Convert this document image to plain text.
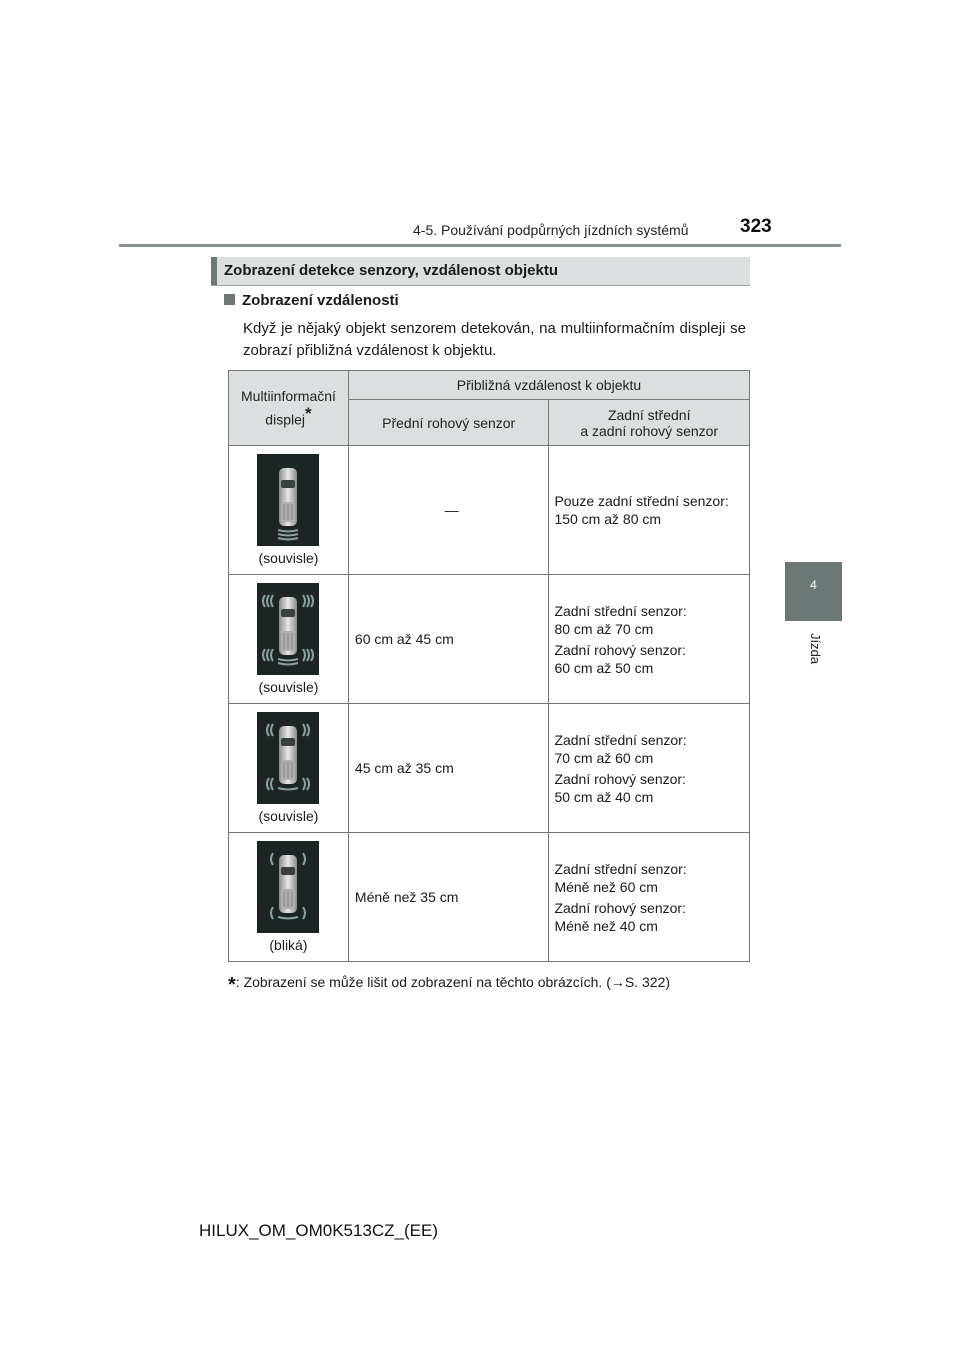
4-5. Používání podpůrných jízdních systémů	323
4
Jízda
Zobrazení detekce senzory, vzdálenost objektu
Zobrazení vzdálenosti
Když je nějaký objekt senzorem detekován, na multiinformačním displeji se zobrazí přibližná vzdálenost k objektu.
Multiinformační
displej*	Přibližná vzdálenost k objektu	
	Přední rohový senzor	Zadní střední
a zadní rohový senzor

(souvisle)	—	Pouze zadní střední senzor:
150 cm až 80 cm

(souvisle)	60 cm až 45 cm	Zadní střední senzor:
80 cm až 70 cm
Zadní rohový senzor:
60 cm až 50 cm

(souvisle)	45 cm až 35 cm	Zadní střední senzor:
70 cm až 60 cm
Zadní rohový senzor:
50 cm až 40 cm

(bliká)	Méně než 35 cm	Zadní střední senzor:
Méně než 60 cm
Zadní rohový senzor:
Méně než 40 cm
*: Zobrazení se může lišit od zobrazení na těchto obrázcích. (→S. 322)
HILUX_OM_OM0K513CZ_(EE)
